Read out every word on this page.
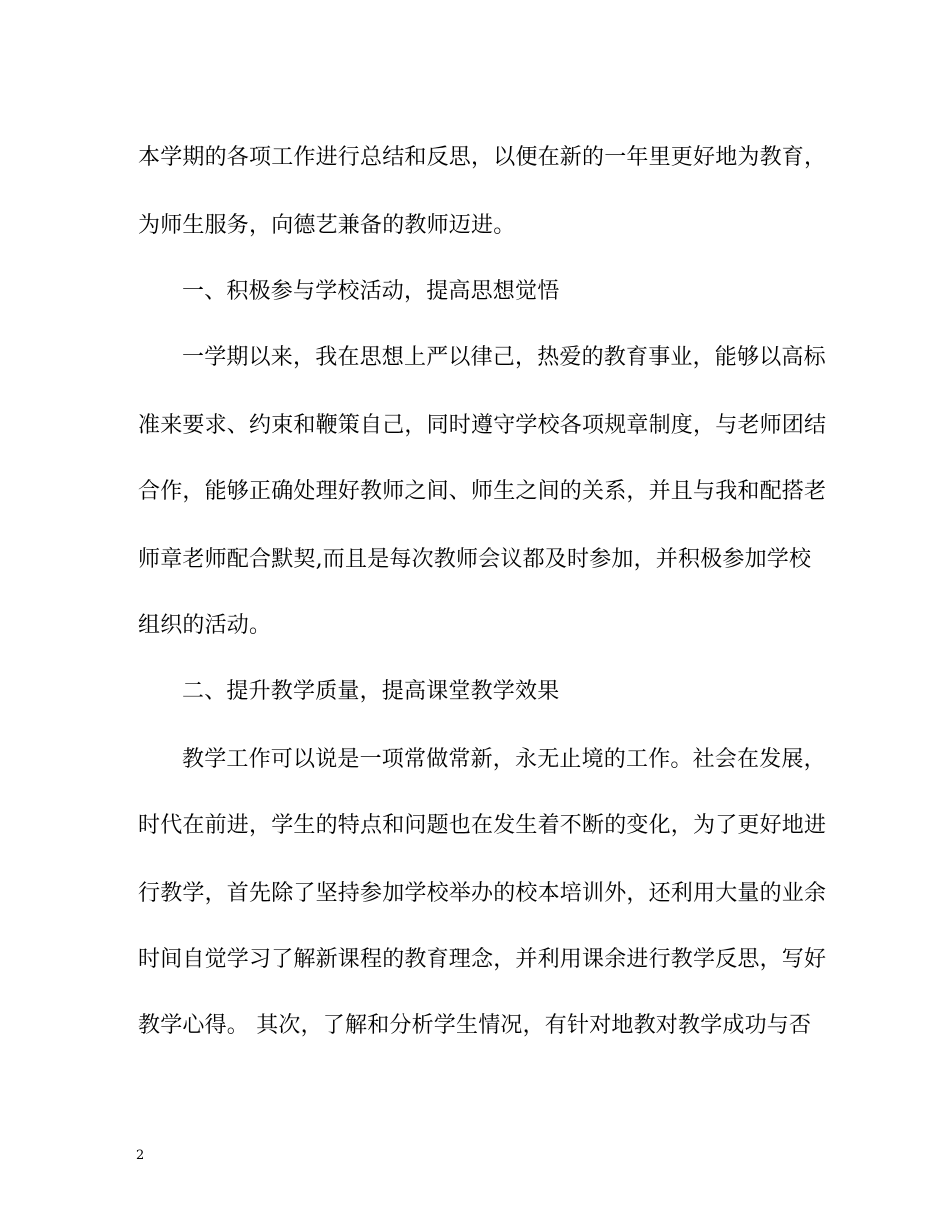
本学期的各项工作进行总结和反思，以便在新的一年里更好地为教育，
为师生服务，向德艺兼备的教师迈进。
一、积极参与学校活动，提高思想觉悟
一学期以来，我在思想上严以律己，热爱的教育事业，能够以高标
准来要求、约束和鞭策自己，同时遵守学校各项规章制度，与老师团结
合作，能够正确处理好教师之间、师生之间的关系，并且与我和配搭老
师章老师配合默契,而且是每次教师会议都及时参加，并积极参加学校
组织的活动。
二、提升教学质量，提高课堂教学效果
教学工作可以说是一项常做常新，永无止境的工作。社会在发展，
时代在前进，学生的特点和问题也在发生着不断的变化，为了更好地进
行教学，首先除了坚持参加学校举办的校本培训外，还利用大量的业余
时间自觉学习了解新课程的教育理念，并利用课余进行教学反思，写好
教学心得。 其次，了解和分析学生情况，有针对地教对教学成功与否
2
